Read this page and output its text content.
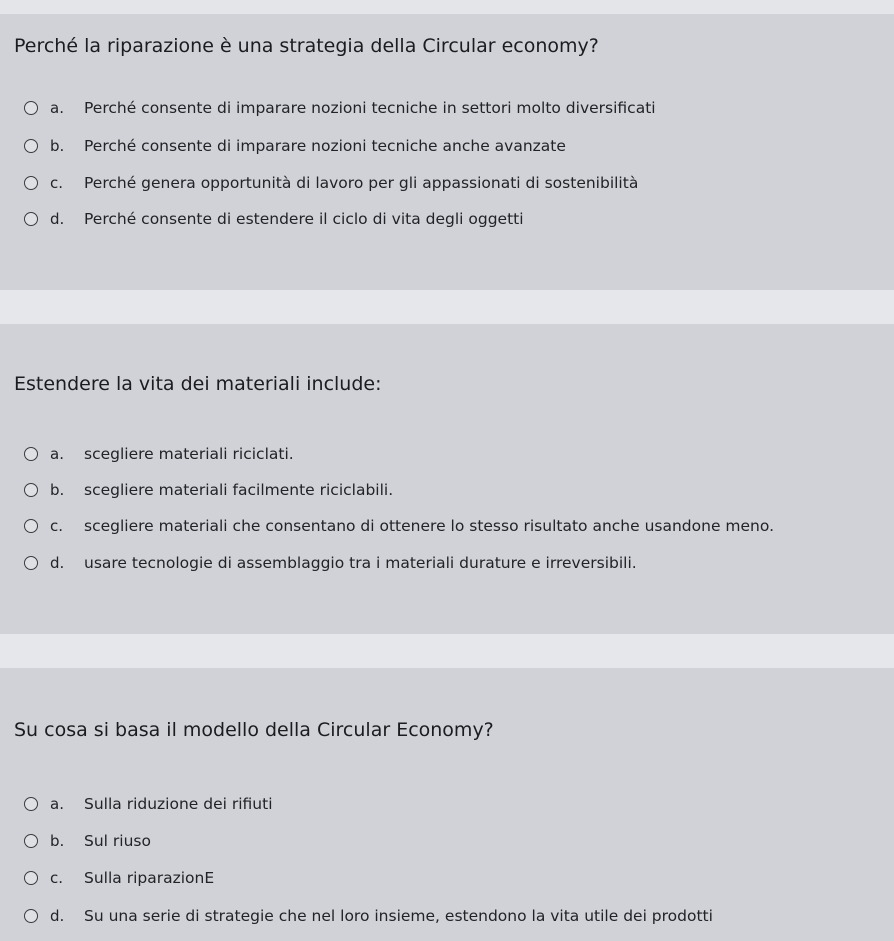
Perché la riparazione è una strategia della Circular economy?
a.	Perché consente di imparare nozioni tecniche in settori molto diversificati
b.	Perché consente di imparare nozioni tecniche anche avanzate
c.	Perché genera opportunità di lavoro per gli appassionati di sostenibilità
d.	Perché consente di estendere il ciclo di vita degli oggetti
Estendere la vita dei materiali include:
a.	scegliere materiali riciclati.
b.	scegliere materiali facilmente riciclabili.
c.	scegliere materiali che consentano di ottenere lo stesso risultato anche usandone meno.
d.	usare tecnologie di assemblaggio tra i materiali durature e irreversibili.
Su cosa si basa il modello della Circular Economy?
a.	Sulla riduzione dei rifiuti
b.	Sul riuso
c.	Sulla riparazionE
d.	Su una serie di strategie che nel loro insieme, estendono la vita utile dei prodotti
